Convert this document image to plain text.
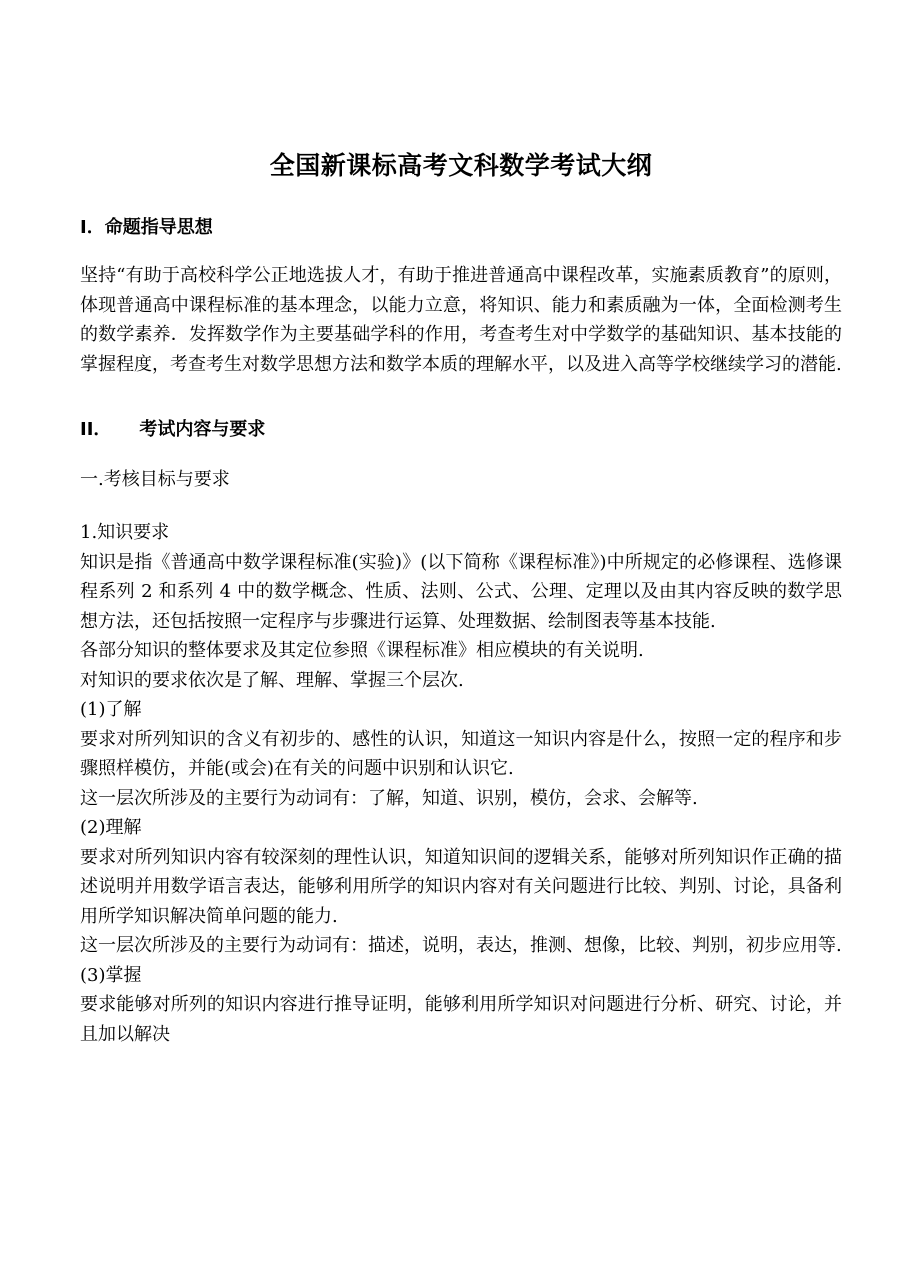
全国新课标高考文科数学考试大纲
I．命题指导思想

坚持“有助于高校科学公正地选拔人才，有助于推进普通高中课程改革，实施素质教育”的原则，体现普通高中课程标准的基本理念，以能力立意，将知识、能力和素质融为一体，全面检测考生的数学素养．发挥数学作为主要基础学科的作用，考查考生对中学数学的基础知识、基本技能的掌握程度，考查考生对数学思想方法和数学本质的理解水平，以及进入高等学校继续学习的潜能.

II． 考试内容与要求

一.考核目标与要求

1.知识要求

知识是指《普通高中数学课程标准(实验)》(以下简称《课程标准》)中所规定的必修课程、选修课程系列 2 和系列 4 中的数学概念、性质、法则、公式、公理、定理以及由其内容反映的数学思想方法，还包括按照一定程序与步骤进行运算、处理数据、绘制图表等基本技能.

各部分知识的整体要求及其定位参照《课程标准》相应模块的有关说明.

对知识的要求依次是了解、理解、掌握三个层次.

(1)了解

要求对所列知识的含义有初步的、感性的认识，知道这一知识内容是什么，按照一定的程序和步骤照样模仿，并能(或会)在有关的问题中识别和认识它.

这一层次所涉及的主要行为动词有：了解，知道、识别，模仿，会求、会解等.

(2)理解

要求对所列知识内容有较深刻的理性认识，知道知识间的逻辑关系，能够对所列知识作正确的描述说明并用数学语言表达，能够利用所学的知识内容对有关问题进行比较、判别、讨论，具备利用所学知识解决简单问题的能力.

这一层次所涉及的主要行为动词有：描述，说明，表达，推测、想像，比较、判别，初步应用等.

(3)掌握

要求能够对所列的知识内容进行推导证明，能够利用所学知识对问题进行分析、研究、讨论，并且加以解决
